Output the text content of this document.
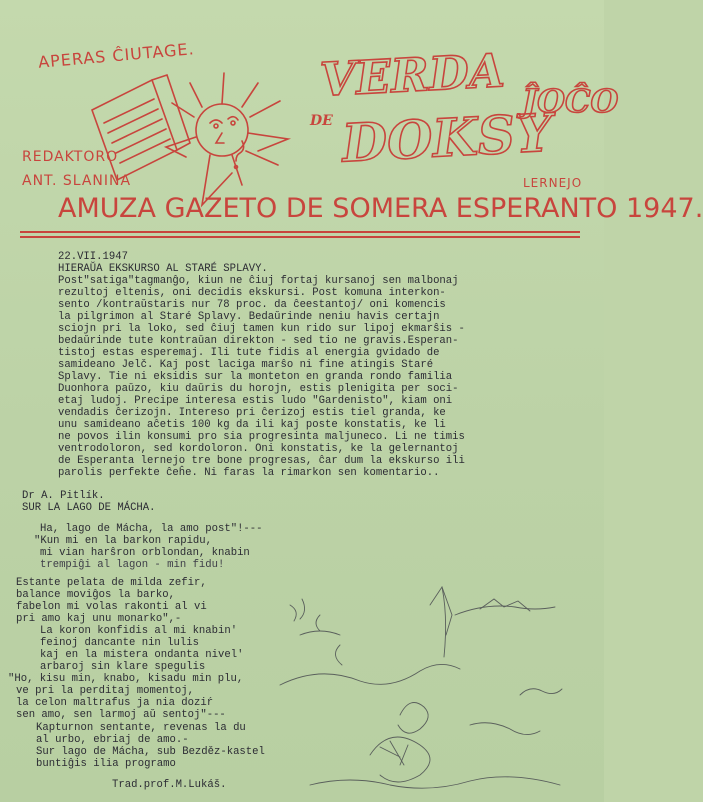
APERAS ĈIUTAGE.	VERDA
DE DOKSY
ĴOĈO
REDAKTORO
ANT. SLANINA	LERNEJO
AMUZA GAZETO DE SOMERA ESPERANTO 1947.
22.VII.1947
HIERAŬA EKSKURSO AL STARÉ SPLAVY.
Post"satiga"tagmanĝo, kiun ne ĉiuj fortaj kursanoj sen malbonaj
rezultoj eltenis, oni decidis ekskursi. Post komuna interkon-
sento /kontraŭstaris nur 78 proc. da ĉeestantoj/ oni komencis
la pilgrimon al Staré Splavy. Bedaŭrinde neniu havis certajn
sciojn pri la loko, sed ĉiuj tamen kun rido sur lipoj ekmarŝis -
bedaŭrinde tute kontraŭan direkton - sed tio ne gravis.Esperan-
tistoj estas esperemaj. Ili tute fidis al energia gvidado de
samideano Jelč. Kaj post laciga marŝo ni fine atingis Staré
Splavy. Tie ni eksidis sur la monteton en granda rondo familia
Duonhora paŭzo, kiu daŭris du horojn, estis plenigita per soci-
etaj ludoj. Precipe interesa estis ludo "Gardenisto", kiam oni
vendadis ĉerizojn. Intereso pri ĉerizoj estis tiel granda, ke
unu samideano aĉetis 100 kg da ili kaj poste konstatis, ke li
ne povos ilin konsumi pro sia progresinta maljuneco. Li ne timis
ventrodoloron, sed kordoloron. Oni konstatis, ke la gelernantoj
de Esperanta lernejo tre bone progresas, ĉar dum la ekskurso ili
parolis perfekte ĉeĥe. Ni faras la rimarkon sen komentario..
Dr A. Pitlík.
SUR LA LAGO DE MÁCHA.
Ha, lago de Mácha, la amo post"!---
"Kun mi en la barkon rapidu,
mi vian harŝron orblondan, knabin
trempiĝi al lagon - min fidu!
Estante pelata de milda zefir,
balance moviĝos la barko,
fabelon mi volas rakonti al vi
pri amo kaj unu monarko",-
La koron konfidis al mi knabin'
feinoj dancante nin lulis
kaj en la mistera ondanta nivel'
arbaroj sin klare spegulis
"Ho, kisu min, knabo, kisadu min plu,
ve pri la perditaj momentoj,
la celon maltrafus ja nia doziŕ
sen amo, sen larmoj aŭ sentoj"---
Kapturnon sentante, revenas la du
al urbo, ebriaj de amo.-
Sur lago de Mácha, sub Bezděz-kastel
buntiĝis ilia programo
Trad.prof.M.Lukáš.
